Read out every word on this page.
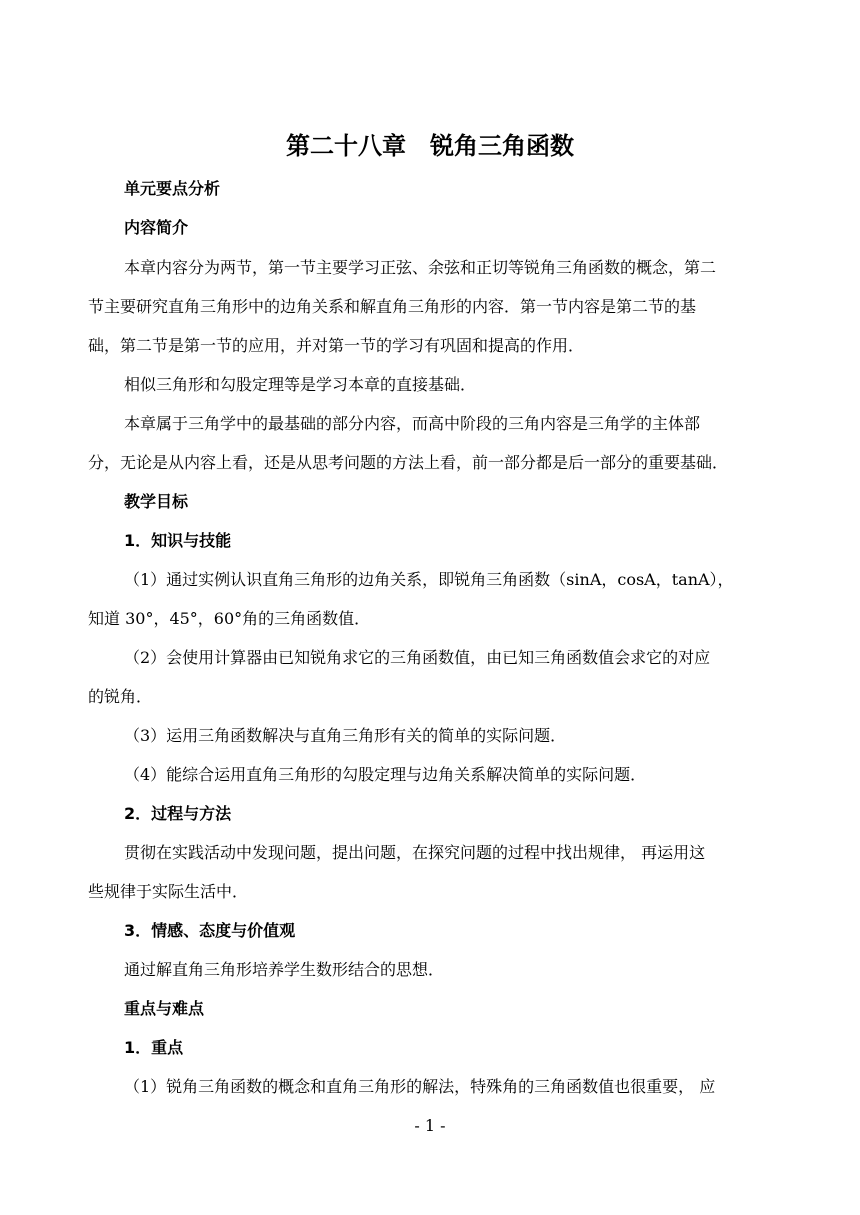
第二十八章　锐角三角函数
单元要点分析
内容简介
本章内容分为两节，第一节主要学习正弦、余弦和正切等锐角三角函数的概念，第二
节主要研究直角三角形中的边角关系和解直角三角形的内容．第一节内容是第二节的基
础，第二节是第一节的应用，并对第一节的学习有巩固和提高的作用．
相似三角形和勾股定理等是学习本章的直接基础．
本章属于三角学中的最基础的部分内容，而高中阶段的三角内容是三角学的主体部
分，无论是从内容上看，还是从思考问题的方法上看，前一部分都是后一部分的重要基础．
教学目标
1．知识与技能
（1）通过实例认识直角三角形的边角关系，即锐角三角函数（sinA，cosA，tanA），
知道 30°，45°，60°角的三角函数值．
（2）会使用计算器由已知锐角求它的三角函数值，由已知三角函数值会求它的对应
的锐角．
（3）运用三角函数解决与直角三角形有关的简单的实际问题．
（4）能综合运用直角三角形的勾股定理与边角关系解决简单的实际问题．
2．过程与方法
贯彻在实践活动中发现问题，提出问题，在探究问题的过程中找出规律， 再运用这
些规律于实际生活中．
3．情感、态度与价值观
通过解直角三角形培养学生数形结合的思想．
重点与难点
1．重点
（1）锐角三角函数的概念和直角三角形的解法，特殊角的三角函数值也很重要， 应
- 1 -
